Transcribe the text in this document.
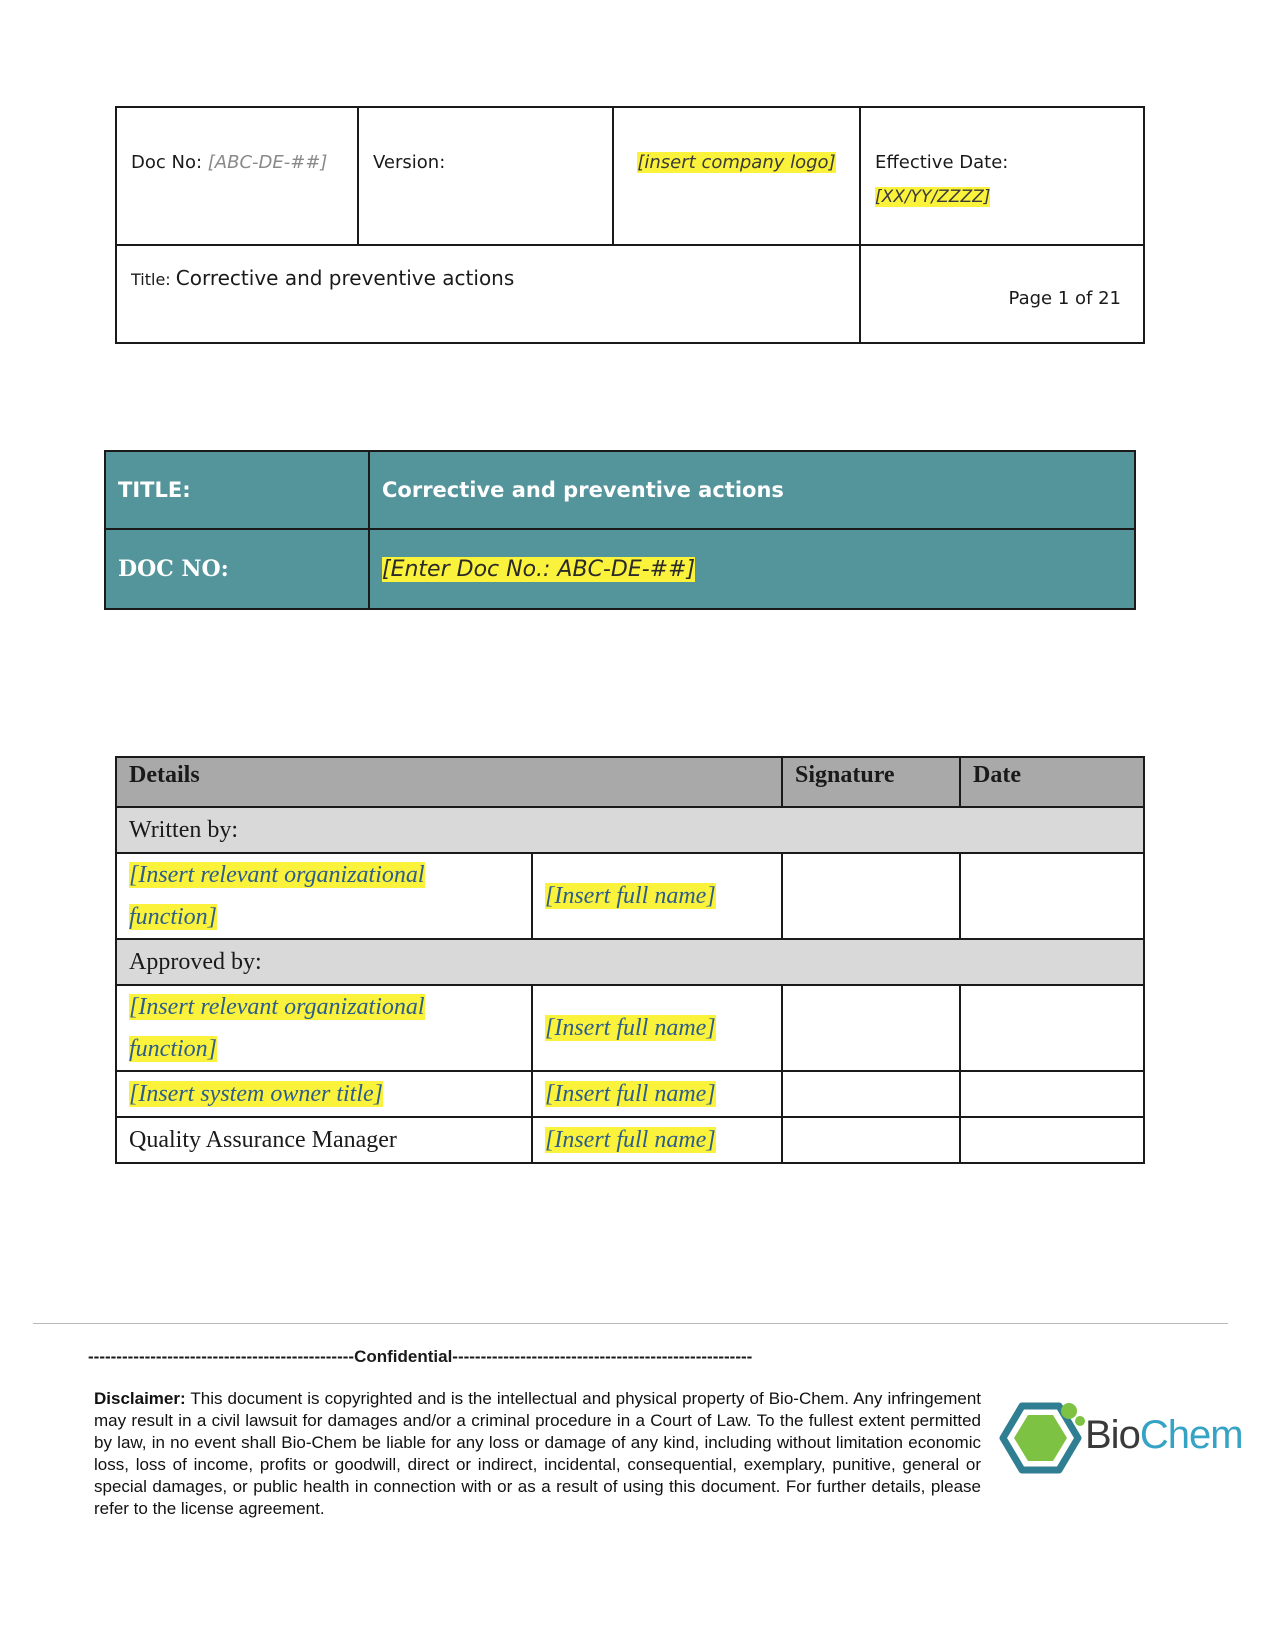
Doc No: [ABC-DE-##]	Version:	[insert company logo]	Effective Date:
[XX/YY/ZZZZ]

Title: Corrective and preventive actions			Page 1 of 21
TITLE:	Corrective and preventive actions
DOC NO:	[Enter Doc No.: ABC-DE-##]
Details		Signature	Date
Written by:			

[Insert relevant organizational function]	[Insert full name]		
Approved by:			

[Insert relevant organizational function]	[Insert full name]		
[Insert system owner title]	[Insert full name]		
Quality Assurance Manager	[Insert full name]		
-----------------------------------------------Confidential-----------------------------------------------------
Disclaimer: This document is copyrighted and is the intellectual and physical property of Bio-Chem. Any infringement may result in a civil lawsuit for damages and/or a criminal procedure in a Court of Law. To the fullest extent permitted by law, in no event shall Bio-Chem be liable for any loss or damage of any kind, including without limitation economic loss, loss of income, profits or goodwill, direct or indirect, incidental, consequential, exemplary, punitive, general or special damages, or public health in connection with or as a result of using this document. For further details, please refer to the license agreement.
BioChem
